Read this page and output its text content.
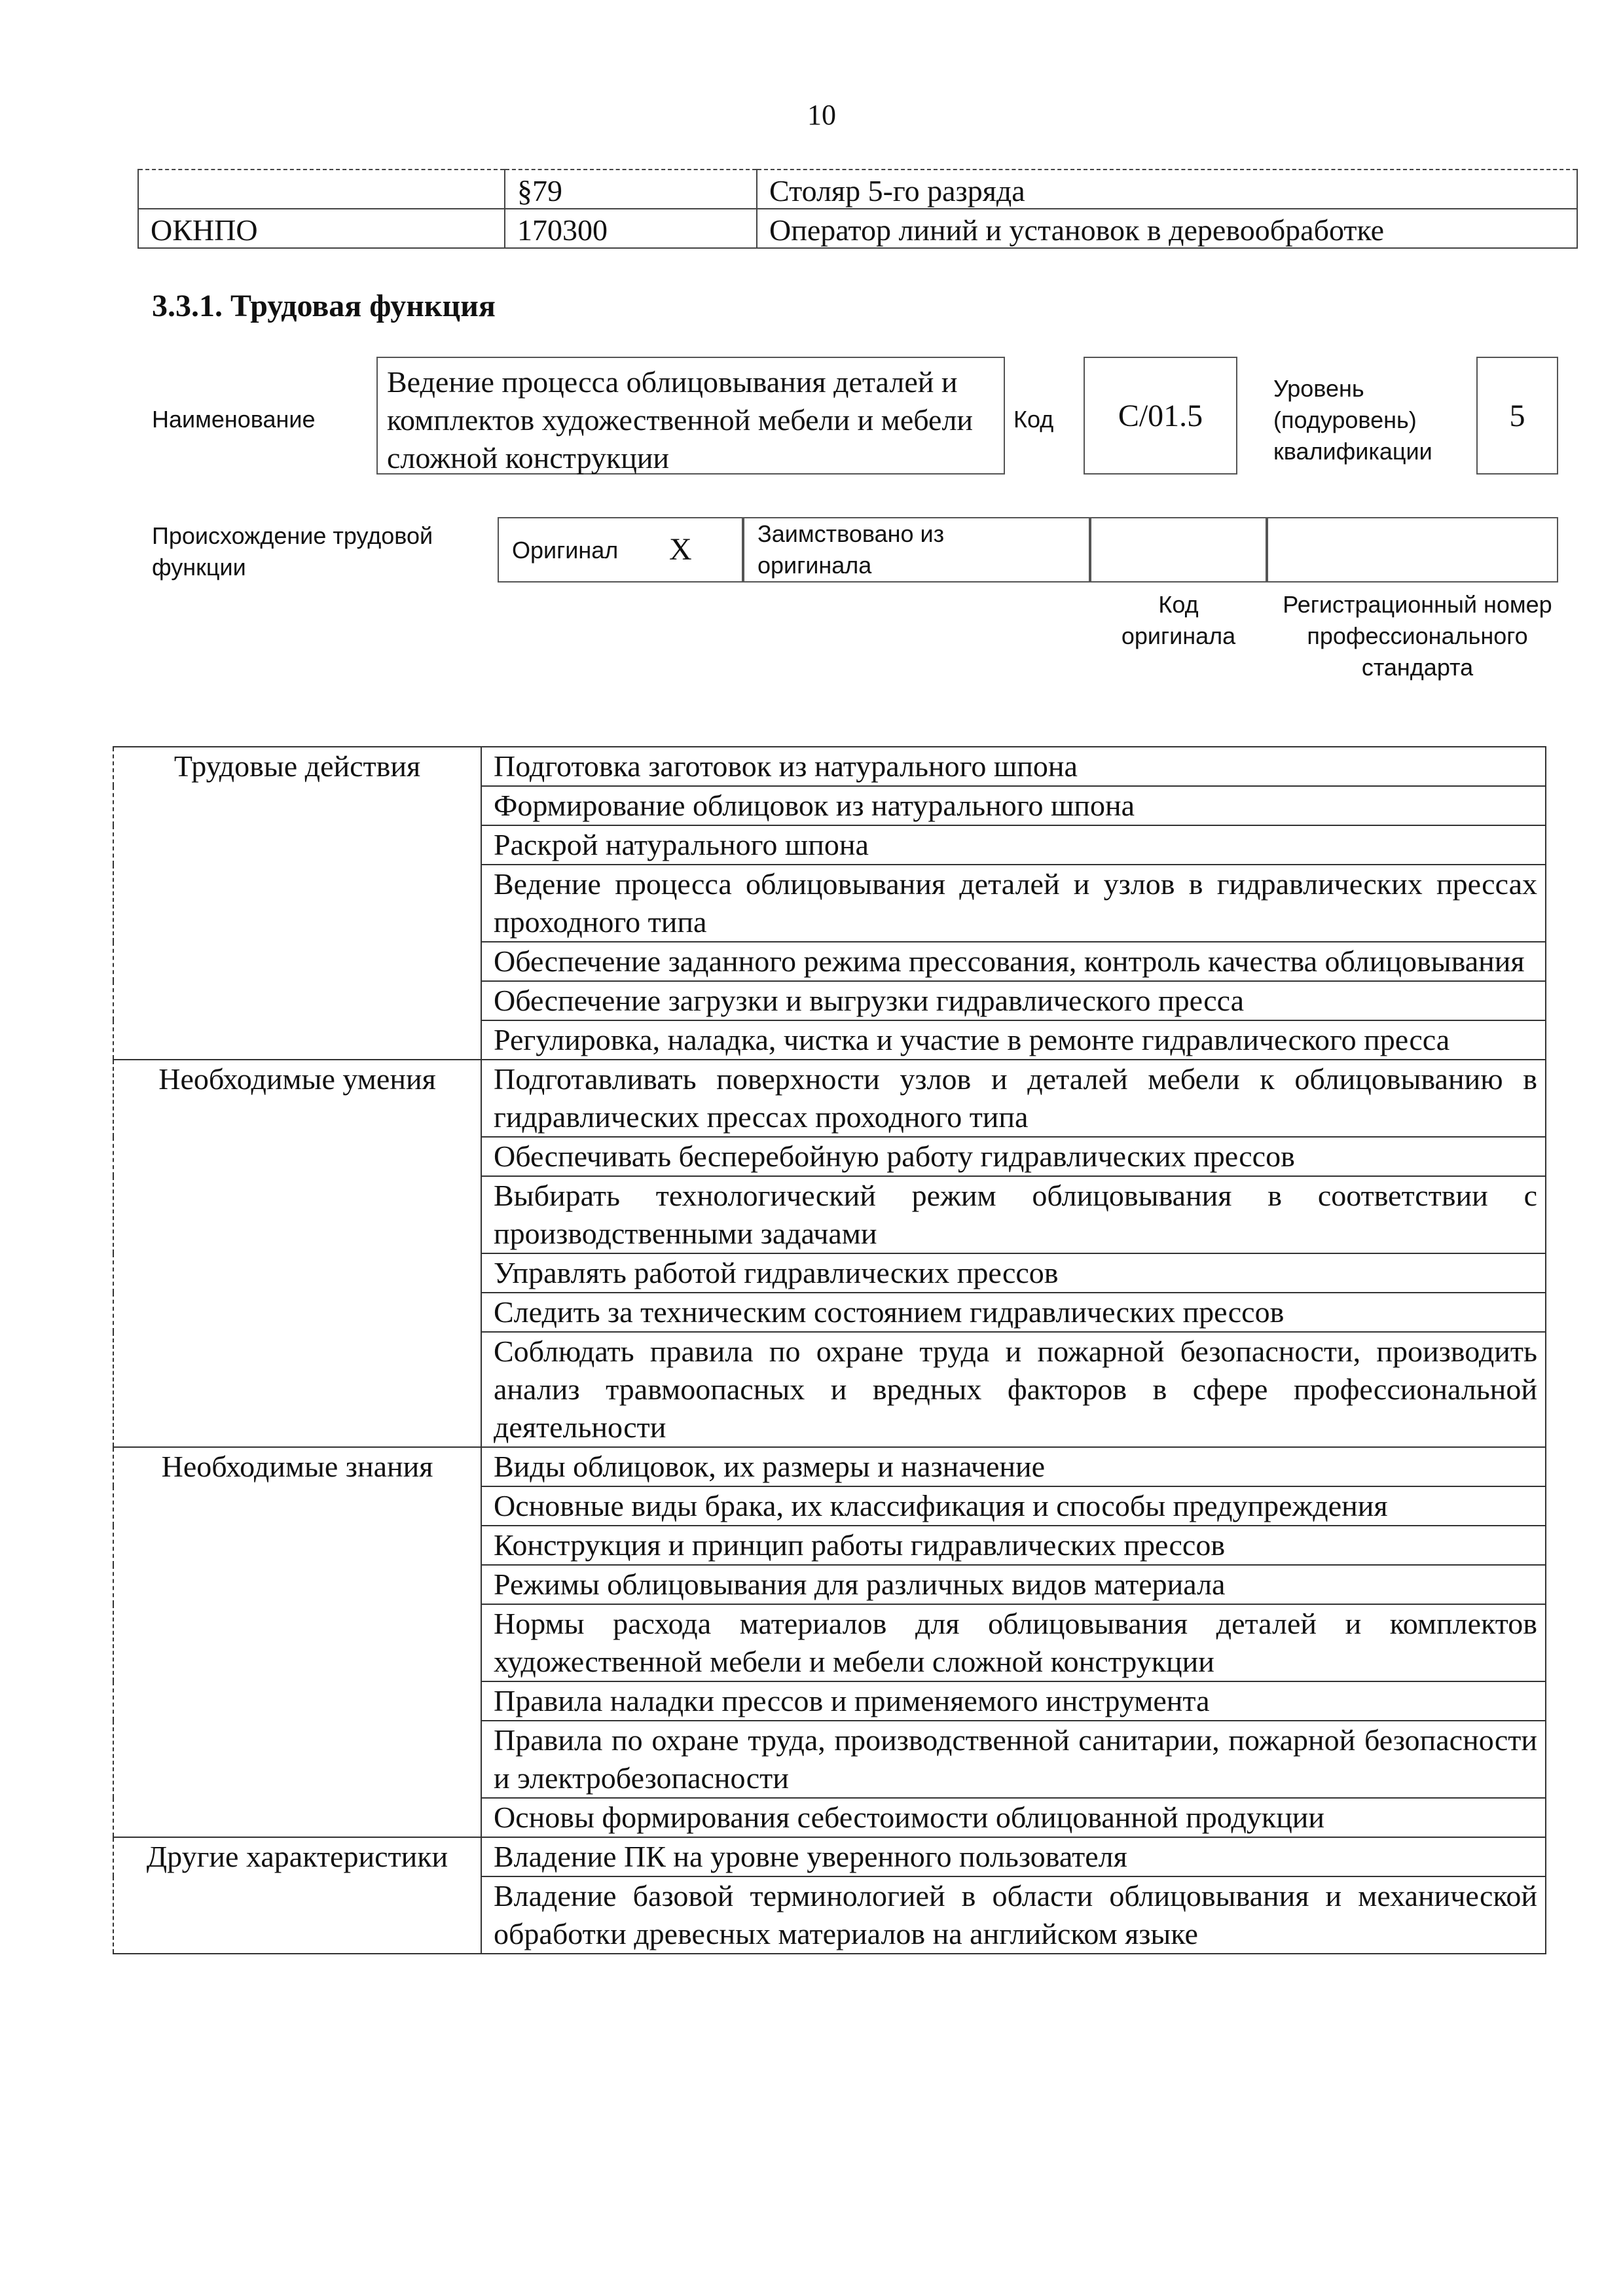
10
	§79	Столяр 5-го разряда
ОКНПО	170300	Оператор линий и установок в деревообработке
3.3.1. Трудовая функция
Наименование
Ведение процесса облицовывания деталей и комплектов художественной мебели и мебели сложной конструкции
Код	C/01.5
Уровень (подуровень) квалификации
5
Происхождение трудовой функции
Оригинал X	Заимствовано из оригинала
Код оригинала
Регистрационный номер профессионального стандарта
Трудовые действия	Подготовка заготовок из натурального шпона
	Формирование облицовок из натурального шпона
	Раскрой натурального шпона
	Ведение процесса облицовывания деталей и узлов в гидравлических прессах проходного типа
	Обеспечение заданного режима прессования, контроль качества облицовывания
	Обеспечение загрузки и выгрузки гидравлического пресса
	Регулировка, наладка, чистка и участие в ремонте гидравлического пресса
Необходимые умения	Подготавливать поверхности узлов и деталей мебели к облицовыванию в гидравлических прессах проходного типа
	Обеспечивать бесперебойную работу гидравлических прессов
	Выбирать технологический режим облицовывания в соответствии с производственными задачами
	Управлять работой гидравлических прессов
	Следить за техническим состоянием гидравлических прессов
	Соблюдать правила по охране труда и пожарной безопасности, производить анализ травмоопасных и вредных факторов в сфере профессиональной деятельности
Необходимые знания	Виды облицовок, их размеры и назначение
	Основные виды брака, их классификация и способы предупреждения
	Конструкция и принцип работы гидравлических прессов
	Режимы облицовывания для различных видов материала
	Нормы расхода материалов для облицовывания деталей и комплектов художественной мебели и мебели сложной конструкции
	Правила наладки прессов и применяемого инструмента
	Правила по охране труда, производственной санитарии, пожарной безопасности и электробезопасности
	Основы формирования себестоимости облицованной продукции
Другие характеристики	Владение ПК на уровне уверенного пользователя
	Владение базовой терминологией в области облицовывания и механической обработки древесных материалов на английском языке
